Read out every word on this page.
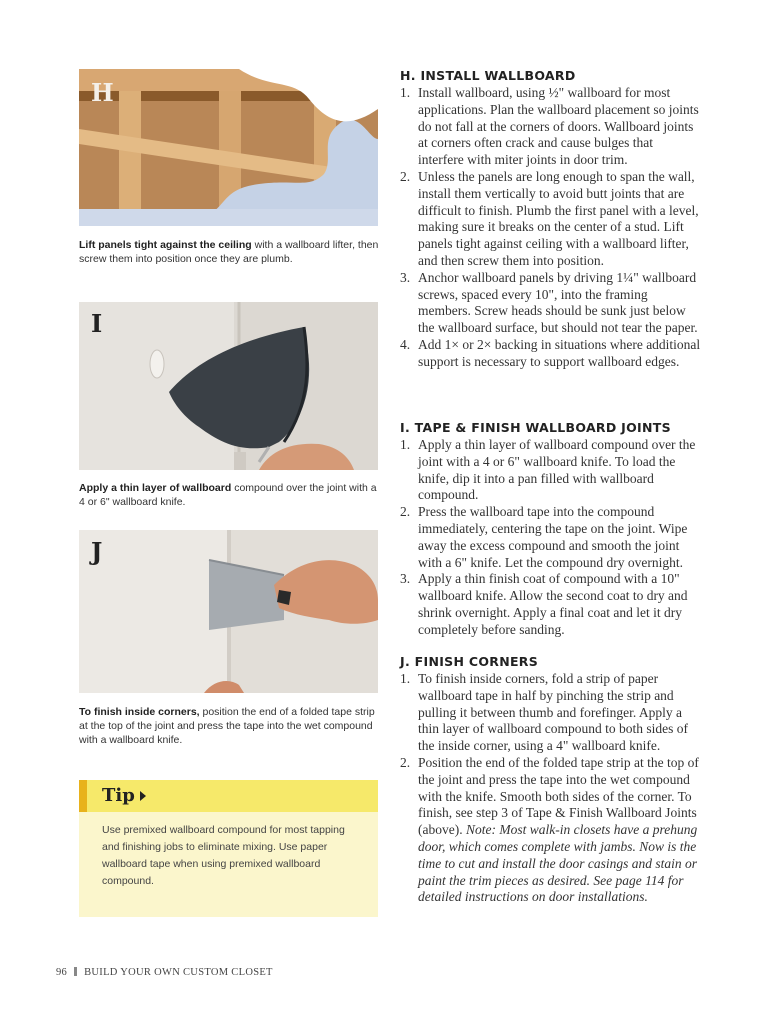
H
Lift panels tight against the ceiling with a wallboard lifter, then screw them into position once they are plumb.
I
Apply a thin layer of wallboard compound over the joint with a 4 or 6" wallboard knife.
J
To finish inside corners, position the end of a folded tape strip at the top of the joint and press the tape into the wet compound with a wallboard knife.
Tip
Use premixed wallboard compound for most tapping and finishing jobs to eliminate mixing. Use paper wallboard tape when using premixed wallboard compound.
H. INSTALL WALLBOARD
1. Install wallboard, using ½" wallboard for most applications. Plan the wallboard placement so joints do not fall at the corners of doors. Wallboard joints at corners often crack and cause bulges that interfere with miter joints in door trim.
2. Unless the panels are long enough to span the wall, install them vertically to avoid butt joints that are difficult to finish. Plumb the first panel with a level, making sure it breaks on the center of a stud. Lift panels tight against ceiling with a wallboard lifter, and then screw them into position.
3. Anchor wallboard panels by driving 1¼" wallboard screws, spaced every 10", into the framing members. Screw heads should be sunk just below the wallboard surface, but should not tear the paper.
4. Add 1× or 2× backing in situations where additional support is necessary to support wallboard edges.
I. TAPE & FINISH WALLBOARD JOINTS
1. Apply a thin layer of wallboard compound over the joint with a 4 or 6" wallboard knife. To load the knife, dip it into a pan filled with wallboard compound.
2. Press the wallboard tape into the compound immediately, centering the tape on the joint. Wipe away the excess compound and smooth the joint with a 6" knife. Let the compound dry overnight.
3. Apply a thin finish coat of compound with a 10" wallboard knife. Allow the second coat to dry and shrink overnight. Apply a final coat and let it dry completely before sanding.
J. FINISH CORNERS
1. To finish inside corners, fold a strip of paper wallboard tape in half by pinching the strip and pulling it between thumb and forefinger. Apply a thin layer of wallboard compound to both sides of the inside corner, using a 4" wallboard knife.
2. Position the end of the folded tape strip at the top of the joint and press the tape into the wet compound with the knife. Smooth both sides of the corner. To finish, see step 3 of Tape & Finish Wallboard Joints (above). Note: Most walk-in closets have a prehung door, which comes complete with jambs. Now is the time to cut and install the door casings and stain or paint the trim pieces as desired. See page 114 for detailed instructions on door installations.
96 BUILD YOUR OWN CUSTOM CLOSET
